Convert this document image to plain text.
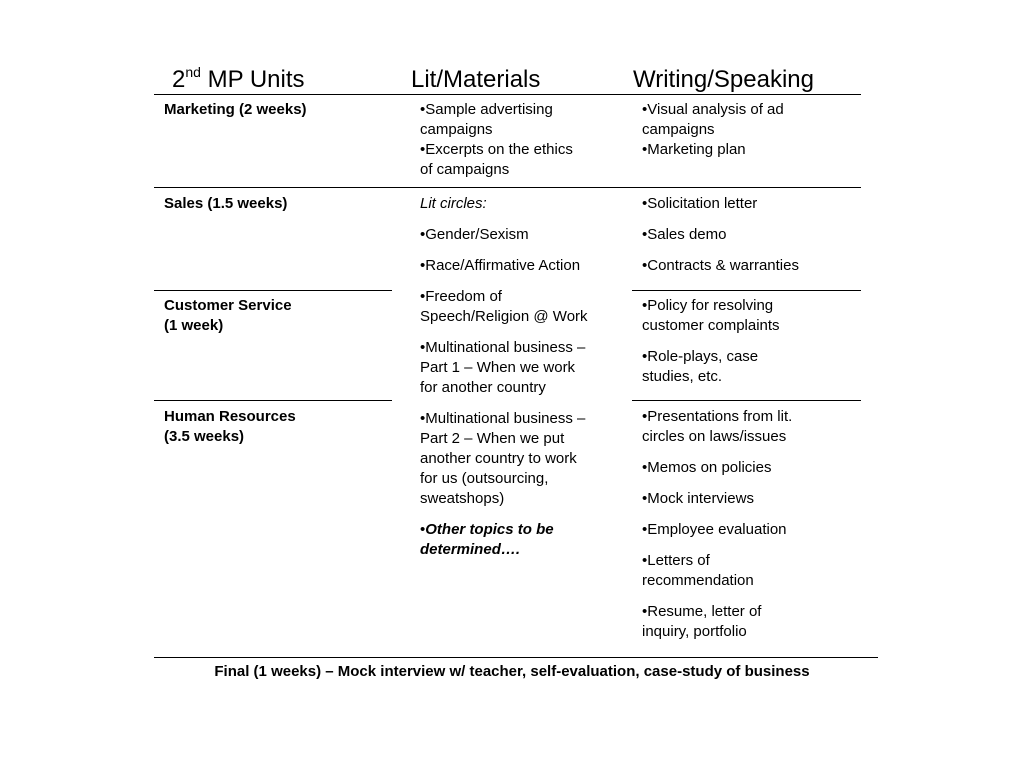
2nd MP Units	Lit/Materials	Writing/Speaking
Marketing (2 weeks)
Sales (1.5 weeks)
Customer Service
(1 week)
Human Resources
(3.5 weeks)
•Sample advertising
campaigns
•Excerpts on the ethics
of campaigns
Lit circles:
•Gender/Sexism
•Race/Affirmative Action
•Freedom of
Speech/Religion @ Work
•Multinational business –
Part 1 – When we work
for another country
•Multinational business –
Part 2 – When we put
another country to work
for us (outsourcing,
sweatshops)
•Other topics to be
determined….
•Visual analysis of ad
campaigns
•Marketing plan
•Solicitation letter
•Sales demo
•Contracts & warranties
•Policy for resolving
customer complaints
•Role-plays, case
studies, etc.
•Presentations from lit.
circles on laws/issues
•Memos on policies
•Mock interviews
•Employee evaluation
•Letters of
recommendation
•Resume, letter of
inquiry, portfolio
Final (1 weeks) – Mock interview w/ teacher, self-evaluation, case-study of business
